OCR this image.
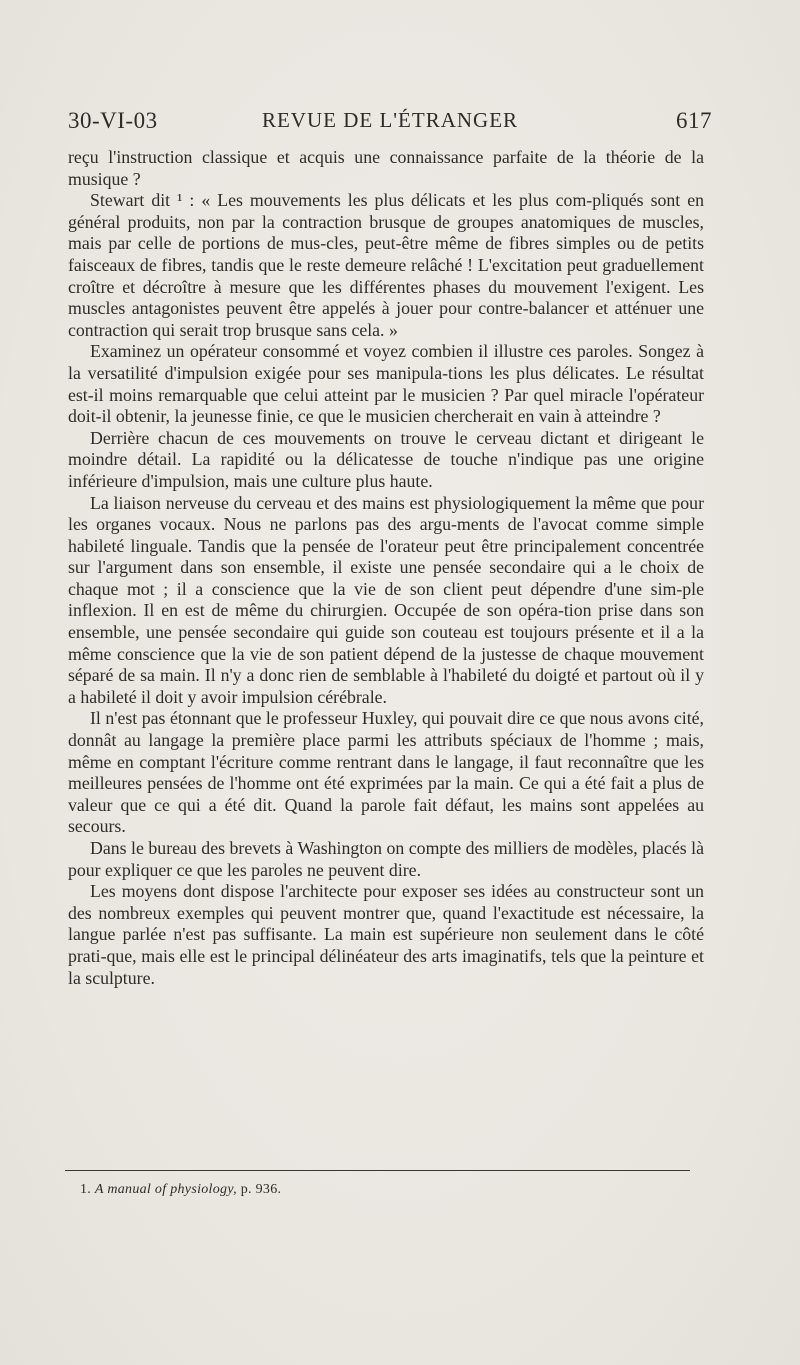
30-VI-03	REVUE DE L'ÉTRANGER	617

reçu l'instruction classique et acquis une connaissance parfaite de la théorie de la musique ?

Stewart dit ¹ : « Les mouvements les plus délicats et les plus com-pliqués sont en général produits, non par la contraction brusque de groupes anatomiques de muscles, mais par celle de portions de mus-cles, peut-être même de fibres simples ou de petits faisceaux de fibres, tandis que le reste demeure relâché ! L'excitation peut graduellement croître et décroître à mesure que les différentes phases du mouvement l'exigent. Les muscles antagonistes peuvent être appelés à jouer pour contre-balancer et atténuer une contraction qui serait trop brusque sans cela. »

Examinez un opérateur consommé et voyez combien il illustre ces paroles. Songez à la versatilité d'impulsion exigée pour ses manipula-tions les plus délicates. Le résultat est-il moins remarquable que celui atteint par le musicien ? Par quel miracle l'opérateur doit-il obtenir, la jeunesse finie, ce que le musicien chercherait en vain à atteindre ?

Derrière chacun de ces mouvements on trouve le cerveau dictant et dirigeant le moindre détail. La rapidité ou la délicatesse de touche n'indique pas une origine inférieure d'impulsion, mais une culture plus haute.

La liaison nerveuse du cerveau et des mains est physiologiquement la même que pour les organes vocaux. Nous ne parlons pas des argu-ments de l'avocat comme simple habileté linguale. Tandis que la pensée de l'orateur peut être principalement concentrée sur l'argument dans son ensemble, il existe une pensée secondaire qui a le choix de chaque mot ; il a conscience que la vie de son client peut dépendre d'une sim-ple inflexion. Il en est de même du chirurgien. Occupée de son opéra-tion prise dans son ensemble, une pensée secondaire qui guide son couteau est toujours présente et il a la même conscience que la vie de son patient dépend de la justesse de chaque mouvement séparé de sa main. Il n'y a donc rien de semblable à l'habileté du doigté et partout où il y a habileté il doit y avoir impulsion cérébrale.

Il n'est pas étonnant que le professeur Huxley, qui pouvait dire ce que nous avons cité, donnât au langage la première place parmi les attributs spéciaux de l'homme ; mais, même en comptant l'écriture comme rentrant dans le langage, il faut reconnaître que les meilleures pensées de l'homme ont été exprimées par la main. Ce qui a été fait a plus de valeur que ce qui a été dit. Quand la parole fait défaut, les mains sont appelées au secours.

Dans le bureau des brevets à Washington on compte des milliers de modèles, placés là pour expliquer ce que les paroles ne peuvent dire.

Les moyens dont dispose l'architecte pour exposer ses idées au constructeur sont un des nombreux exemples qui peuvent montrer que, quand l'exactitude est nécessaire, la langue parlée n'est pas suffisante. La main est supérieure non seulement dans le côté prati-que, mais elle est le principal délinéateur des arts imaginatifs, tels que la peinture et la sculpture.

1. A manual of physiology, p. 936.
